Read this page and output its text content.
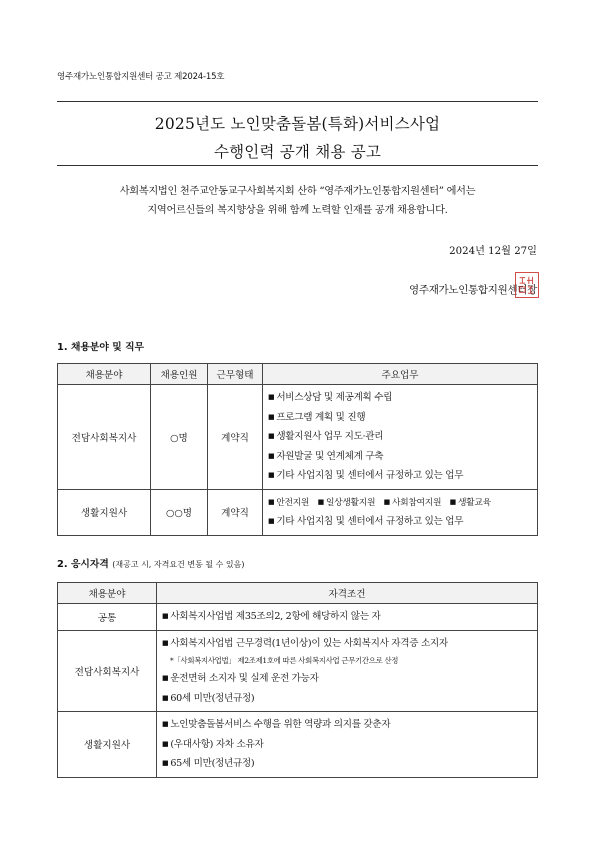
영주재가노인통합지원센터 공고 제2024-15호
2025년도 노인맞춤돌봄(특화)서비스사업
수행인력 공개 채용 공고
사회복지법인 천주교안동교구사회복지회 산하 “영주재가노인통합지원센터” 에서는
지역어르신들의 복지향상을 위해 함께 노력할 인재를 공개 채용합니다.
2024년 12월 27일
영주재가노인통합지원센터장
1. 채용분야 및 직무
채용분야	채용인원	근무형태	주요업무
전담사회복지사	○명	계약직	■ 서비스상담 및 제공계획 수립
■ 프로그램 계획 및 진행
■ 생활지원사 업무 지도·관리
■ 자원발굴 및 연계체계 구축
■ 기타 사업지침 및 센터에서 규정하고 있는 업무

생활지원사	○○명	계약직	■ 안전지원 ■ 일상생활지원 ■ 사회참여지원 ■ 생활교육
■ 기타 사업지침 및 센터에서 규정하고 있는 업무
2. 응시자격 (재공고 시, 자격요건 변동 될 수 있음)
채용분야	자격조건
공통	■ 사회복지사업법 제35조의2, 2항에 해당하지 않는 자

전담사회복지사	■ 사회복지사업법 근무경력(1년이상)이 있는 사회복지사 자격증 소지자
*「사회복지사업법」 제2조제1호에 따른 사회복지사업 근무기간으로 산정
■ 운전면허 소지자 및 실제 운전 가능자
■ 60세 미만(정년규정)

생활지원사	■ 노인맞춤돌봄서비스 수행을 위한 역량과 의지를 갖춘자
■ (우대사항) 자차 소유자
■ 65세 미만(정년규정)
